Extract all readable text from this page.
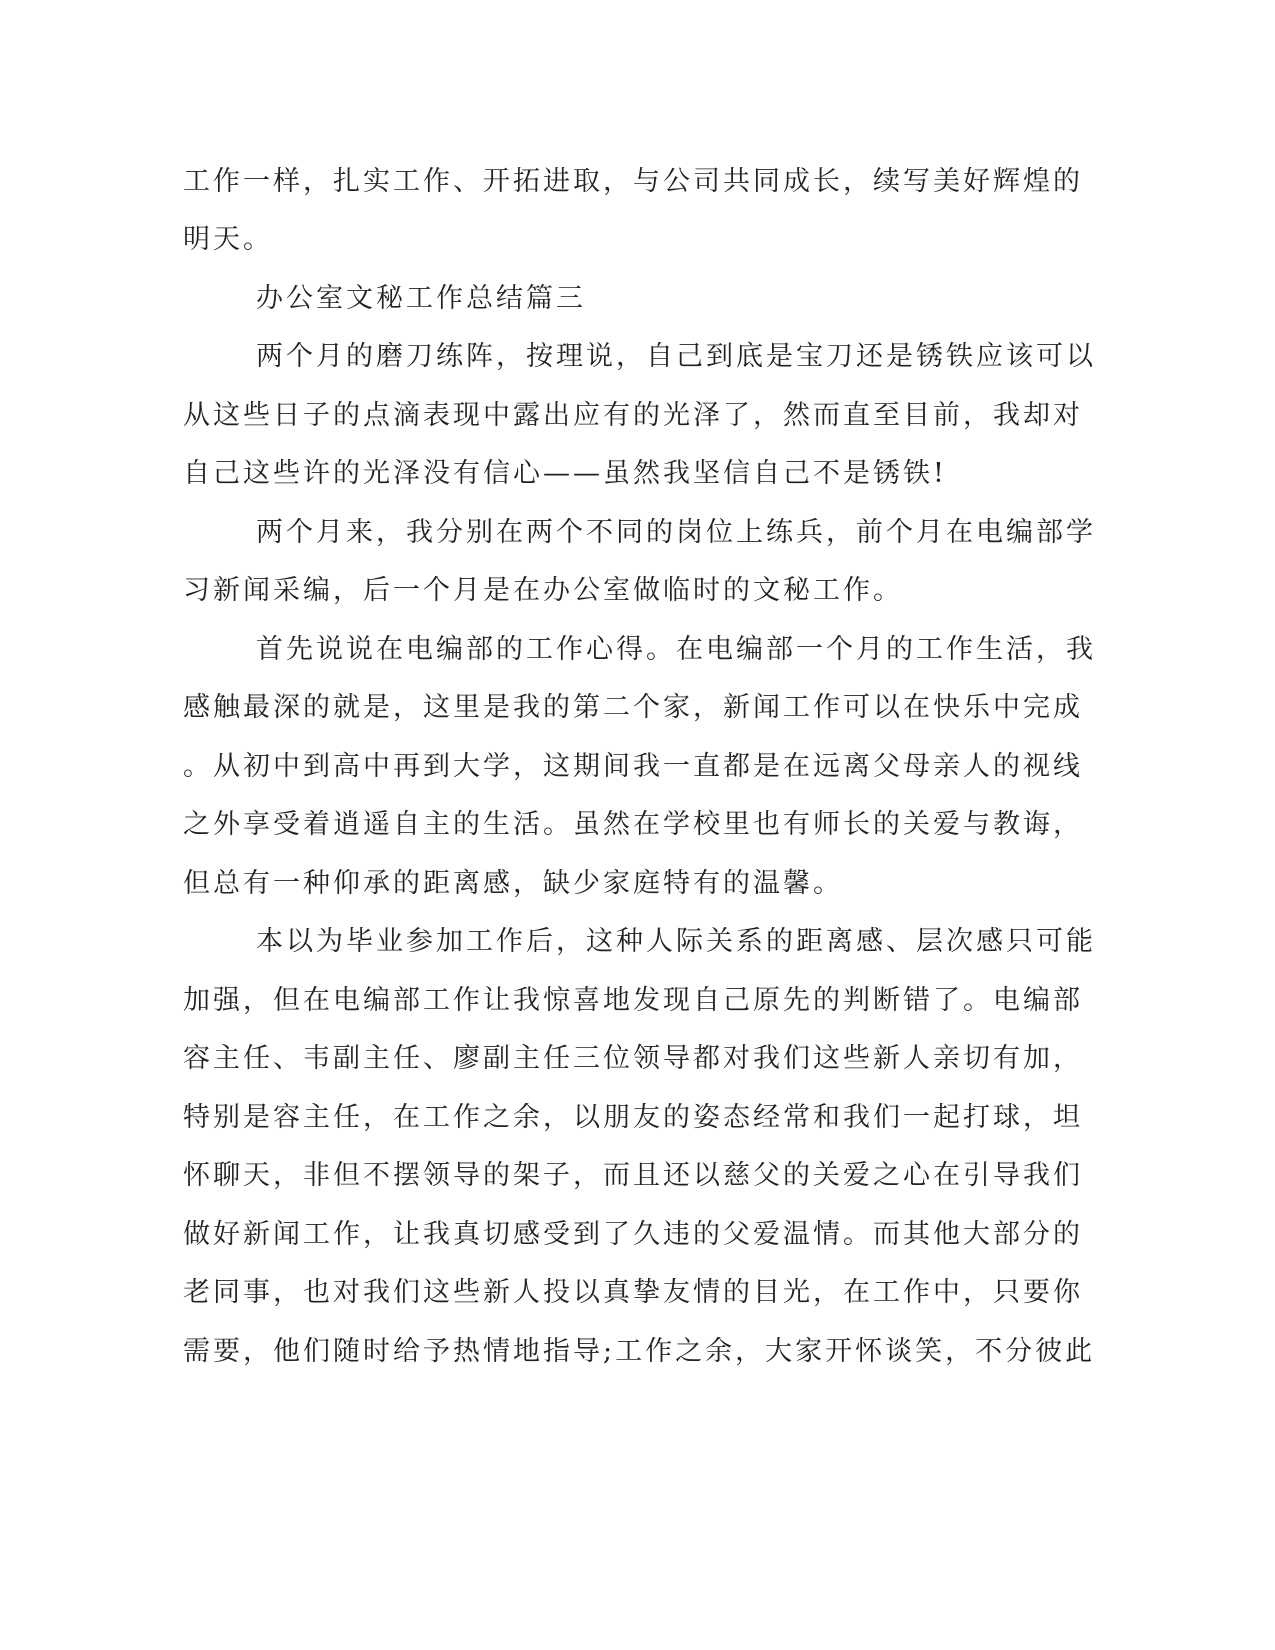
工作一样，扎实工作、开拓进取，与公司共同成长，续写美好辉煌的
明天。
办公室文秘工作总结篇三
两个月的磨刀练阵，按理说，自己到底是宝刀还是锈铁应该可以
从这些日子的点滴表现中露出应有的光泽了，然而直至目前，我却对
自己这些许的光泽没有信心——虽然我坚信自己不是锈铁!
两个月来，我分别在两个不同的岗位上练兵，前个月在电编部学
习新闻采编，后一个月是在办公室做临时的文秘工作。
首先说说在电编部的工作心得。在电编部一个月的工作生活，我
感触最深的就是，这里是我的第二个家，新闻工作可以在快乐中完成
。从初中到高中再到大学，这期间我一直都是在远离父母亲人的视线
之外享受着逍遥自主的生活。虽然在学校里也有师长的关爱与教诲，
但总有一种仰承的距离感，缺少家庭特有的温馨。
本以为毕业参加工作后，这种人际关系的距离感、层次感只可能
加强，但在电编部工作让我惊喜地发现自己原先的判断错了。电编部
容主任、韦副主任、廖副主任三位领导都对我们这些新人亲切有加，
特别是容主任，在工作之余，以朋友的姿态经常和我们一起打球，坦
怀聊天，非但不摆领导的架子，而且还以慈父的关爱之心在引导我们
做好新闻工作，让我真切感受到了久违的父爱温情。而其他大部分的
老同事，也对我们这些新人投以真挚友情的目光，在工作中，只要你
需要，他们随时给予热情地指导;工作之余，大家开怀谈笑，不分彼此
